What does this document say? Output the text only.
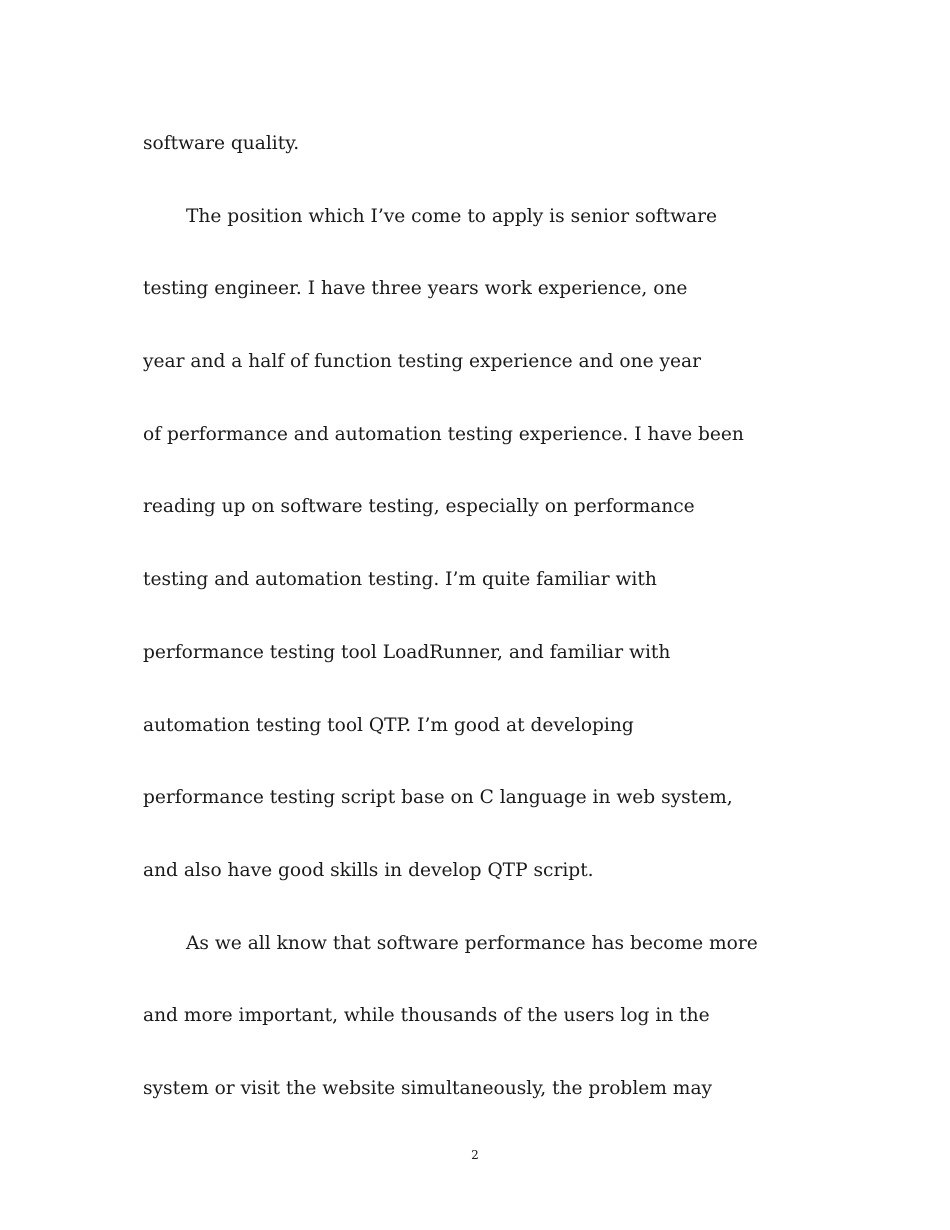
software quality.
The position which I’ve come to apply is senior software
testing engineer. I have three years work experience, one
year and a half of function testing experience and one year
of performance and automation testing experience. I have been
reading up on software testing, especially on performance
testing and automation testing. I’m quite familiar with
performance testing tool LoadRunner, and familiar with
automation testing tool QTP. I’m good at developing
performance testing script base on C language in web system,
and also have good skills in develop QTP script.
As we all know that software performance has become more
and more important, while thousands of the users log in the
system or visit the website simultaneously, the problem may
2
